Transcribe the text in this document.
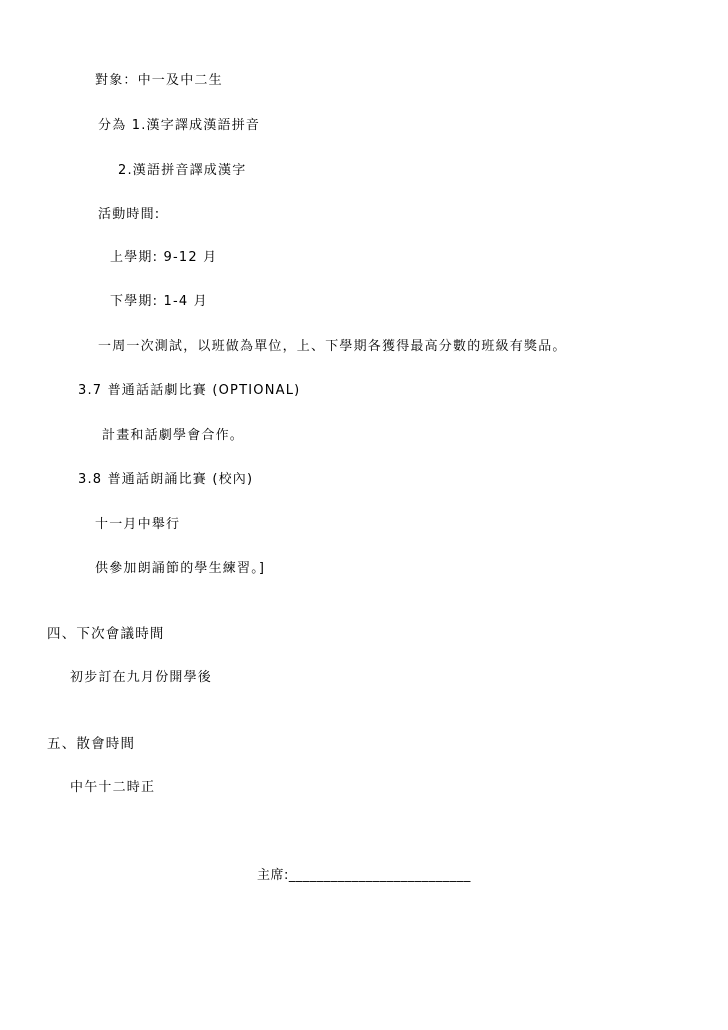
對象：中一及中二生
分為 1.漢字譯成漢語拼音
2.漢語拼音譯成漢字
活動時間:
上學期: 9-12 月
下學期: 1-4 月
一周一次測試，以班做為單位，上、下學期各獲得最高分數的班級有獎品。
3.7 普通話話劇比賽 (OPTIONAL)
計畫和話劇學會合作。
3.8 普通話朗誦比賽 (校內)
十一月中舉行
供參加朗誦節的學生練習。]
四、下次會議時間
初步訂在九月份開學後
五、散會時間
中午十二時正
主席:__________________________
